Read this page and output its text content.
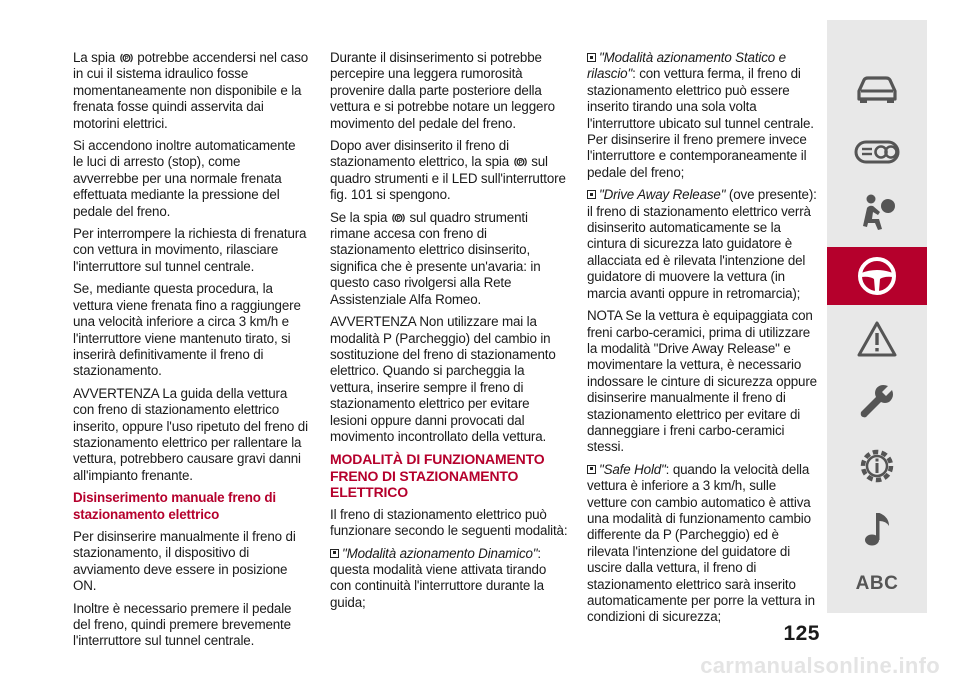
La spia P potrebbe accendersi nel caso in cui il sistema idraulico fosse momentaneamente non disponibile e la frenata fosse quindi asservita dai motorini elettrici.

Si accendono inoltre automaticamente le luci di arresto (stop), come avverrebbe per una normale frenata effettuata mediante la pressione del pedale del freno.

Per interrompere la richiesta di frenatura con vettura in movimento, rilasciare l'interruttore sul tunnel centrale.

Se, mediante questa procedura, la vettura viene frenata fino a raggiungere una velocità inferiore a circa 3 km/h e l'interruttore viene mantenuto tirato, si inserirà definitivamente il freno di stazionamento.

AVVERTENZA La guida della vettura con freno di stazionamento elettrico inserito, oppure l'uso ripetuto del freno di stazionamento elettrico per rallentare la vettura, potrebbero causare gravi danni all'impianto frenante.

Disinserimento manuale freno di stazionamento elettrico

Per disinserire manualmente il freno di stazionamento, il dispositivo di avviamento deve essere in posizione ON.

Inoltre è necessario premere il pedale del freno, quindi premere brevemente l'interruttore sul tunnel centrale.

Durante il disinserimento si potrebbe percepire una leggera rumorosità provenire dalla parte posteriore della vettura e si potrebbe notare un leggero movimento del pedale del freno.

Dopo aver disinserito il freno di stazionamento elettrico, la spia P sul quadro strumenti e il LED sull'interruttore fig. 101 si spengono.

Se la spia P sul quadro strumenti rimane accesa con freno di stazionamento elettrico disinserito, significa che è presente un'avaria: in questo caso rivolgersi alla Rete Assistenziale Alfa Romeo.

AVVERTENZA Non utilizzare mai la modalità P (Parcheggio) del cambio in sostituzione del freno di stazionamento elettrico. Quando si parcheggia la vettura, inserire sempre il freno di stazionamento elettrico per evitare lesioni oppure danni provocati dal movimento incontrollato della vettura.

MODALITÀ DI FUNZIONAMENTO FRENO DI STAZIONAMENTO ELETTRICO

Il freno di stazionamento elettrico può funzionare secondo le seguenti modalità:

"Modalità azionamento Dinamico": questa modalità viene attivata tirando con continuità l'interruttore durante la guida;

"Modalità azionamento Statico e rilascio": con vettura ferma, il freno di stazionamento elettrico può essere inserito tirando una sola volta l'interruttore ubicato sul tunnel centrale. Per disinserire il freno premere invece l'interruttore e contemporaneamente il pedale del freno;

"Drive Away Release" (ove presente): il freno di stazionamento elettrico verrà disinserito automaticamente se la cintura di sicurezza lato guidatore è allacciata ed è rilevata l'intenzione del guidatore di muovere la vettura (in marcia avanti oppure in retromarcia);

NOTA Se la vettura è equipaggiata con freni carbo-ceramici, prima di utilizzare la modalità "Drive Away Release" e movimentare la vettura, è necessario indossare le cinture di sicurezza oppure disinserire manualmente il freno di stazionamento elettrico per evitare di danneggiare i freni carbo-ceramici stessi.

"Safe Hold": quando la velocità della vettura è inferiore a 3 km/h, sulle vetture con cambio automatico è attiva una modalità di funzionamento cambio differente da P (Parcheggio) ed è rilevata l'intenzione del guidatore di uscire dalla vettura, il freno di stazionamento elettrico sarà inserito automaticamente per porre la vettura in condizioni di sicurezza;

ABC
125
carmanualsonline.info
